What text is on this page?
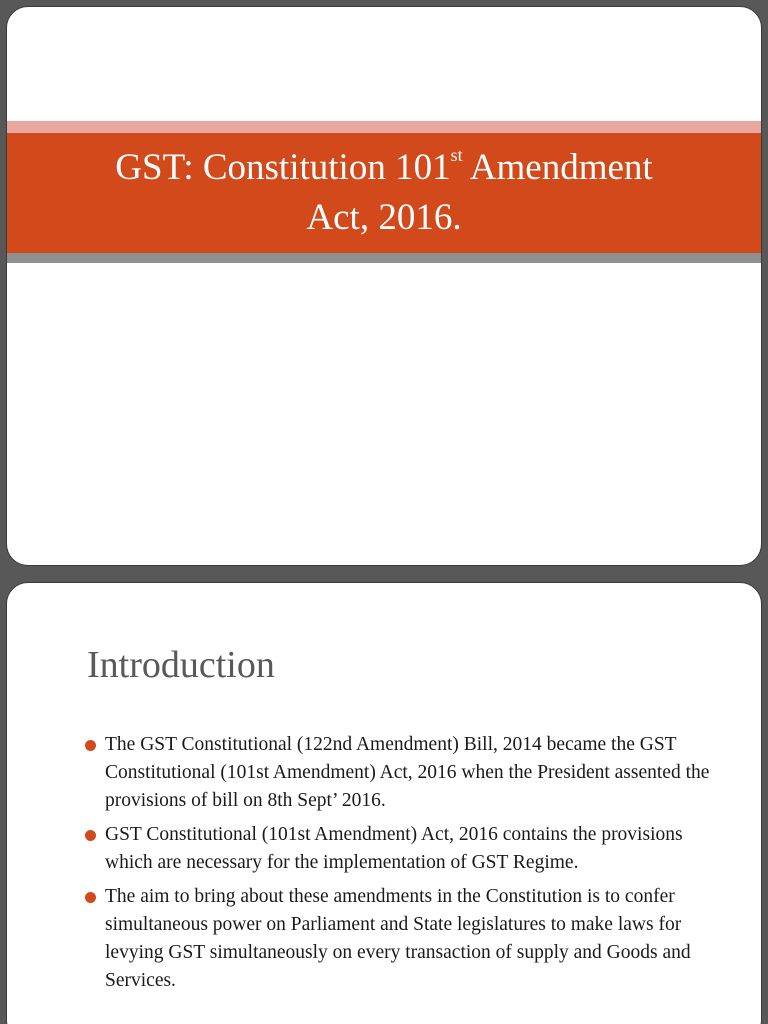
GST: Constitution 101st Amendment
Act, 2016.
Introduction
The GST Constitutional (122nd Amendment) Bill, 2014 became the GST Constitutional (101st Amendment) Act, 2016 when the President assented the provisions of bill on 8th Sept’ 2016.
GST Constitutional (101st Amendment) Act, 2016 contains the provisions which are necessary for the implementation of GST Regime.
The aim to bring about these amendments in the Constitution is to confer simultaneous power on Parliament and State legislatures to make laws for levying GST simultaneously on every transaction of supply and Goods and Services.
